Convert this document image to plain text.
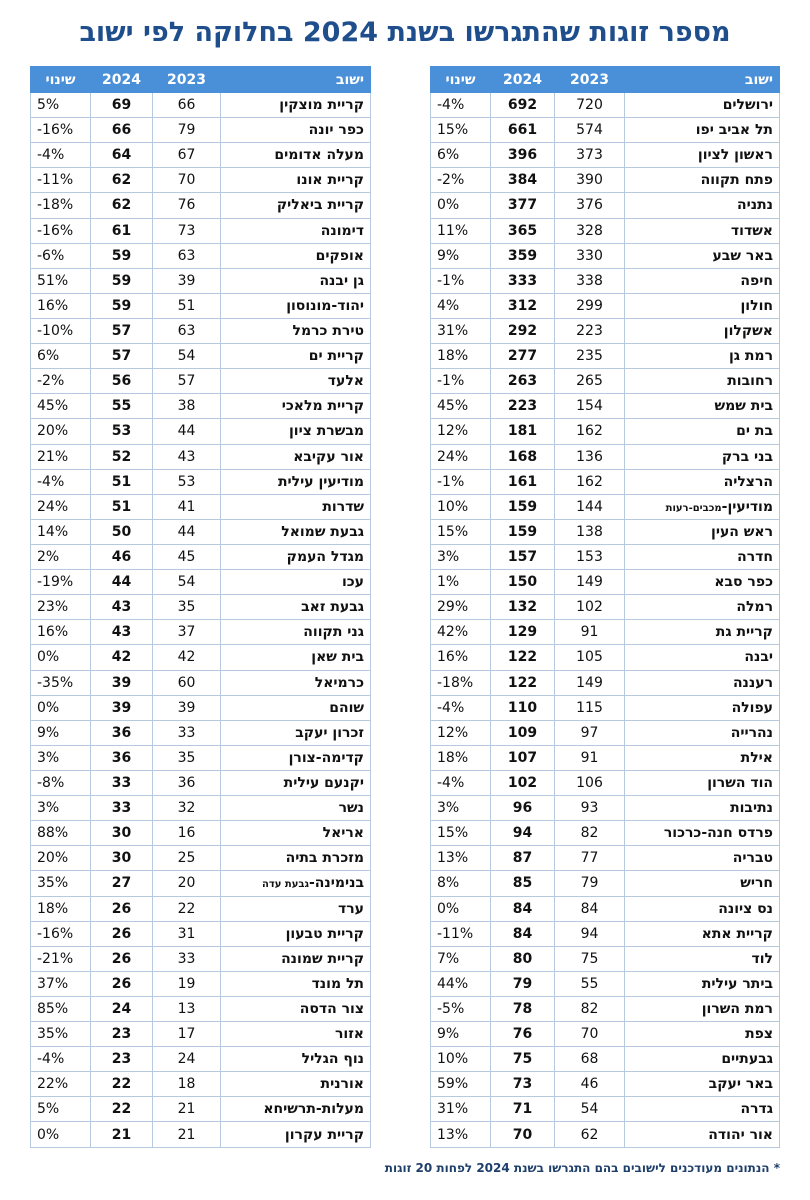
מספר זוגות שהתגרשו בשנת 2024 בחלוקה לפי ישוב
ישוב	2023	2024	שינוי
ירושלים	720	692	-4%
תל אביב יפו	574	661	15%
ראשון לציון	373	396	6%
פתח תקווה	390	384	-2%
נתניה	376	377	0%
אשדוד	328	365	11%
באר שבע	330	359	9%
חיפה	338	333	-1%
חולון	299	312	4%
אשקלון	223	292	31%
רמת גן	235	277	18%
רחובות	265	263	-1%
בית שמש	154	223	45%
בת ים	162	181	12%
בני ברק	136	168	24%
הרצליה	162	161	-1%
מודיעין-מכבים-רעות	144	159	10%
ראש העין	138	159	15%
חדרה	153	157	3%
כפר סבא	149	150	1%
רמלה	102	132	29%
קריית גת	91	129	42%
יבנה	105	122	16%
רעננה	149	122	-18%
עפולה	115	110	-4%
נהרייה	97	109	12%
אילת	91	107	18%
הוד השרון	106	102	-4%
נתיבות	93	96	3%
פרדס חנה-כרכור	82	94	15%
טבריה	77	87	13%
חריש	79	85	8%
נס ציונה	84	84	0%
קריית אתא	94	84	-11%
לוד	75	80	7%
ביתר עילית	55	79	44%
רמת השרון	82	78	-5%
צפת	70	76	9%
גבעתיים	68	75	10%
באר יעקב	46	73	59%
גדרה	54	71	31%
אור יהודה	62	70	13%
ישוב	2023	2024	שינוי
קריית מוצקין	66	69	5%
כפר יונה	79	66	-16%
מעלה אדומים	67	64	-4%
קריית אונו	70	62	-11%
קריית ביאליק	76	62	-18%
דימונה	73	61	-16%
אופקים	63	59	-6%
גן יבנה	39	59	51%
יהוד-מונוסון	51	59	16%
טירת כרמל	63	57	-10%
קריית ים	54	57	6%
אלעד	57	56	-2%
קריית מלאכי	38	55	45%
מבשרת ציון	44	53	20%
אור עקיבא	43	52	21%
מודיעין עילית	53	51	-4%
שדרות	41	51	24%
גבעת שמואל	44	50	14%
מגדל העמק	45	46	2%
עכו	54	44	-19%
גבעת זאב	35	43	23%
גני תקווה	37	43	16%
בית שאן	42	42	0%
כרמיאל	60	39	-35%
שוהם	39	39	0%
זכרון יעקב	33	36	9%
קדימה-צורן	35	36	3%
יקנעם עילית	36	33	-8%
נשר	32	33	3%
אריאל	16	30	88%
מזכרת בתיה	25	30	20%
בנימינה-גבעת עדה	20	27	35%
ערד	22	26	18%
קריית טבעון	31	26	-16%
קריית שמונה	33	26	-21%
תל מונד	19	26	37%
צור הדסה	13	24	85%
אזור	17	23	35%
נוף הגליל	24	23	-4%
אורנית	18	22	22%
מעלות-תרשיחא	21	22	5%
קריית עקרון	21	21	0%
* הנתונים מעודכנים לישובים בהם התגרשו בשנת 2024 לפחות 20 זוגות
